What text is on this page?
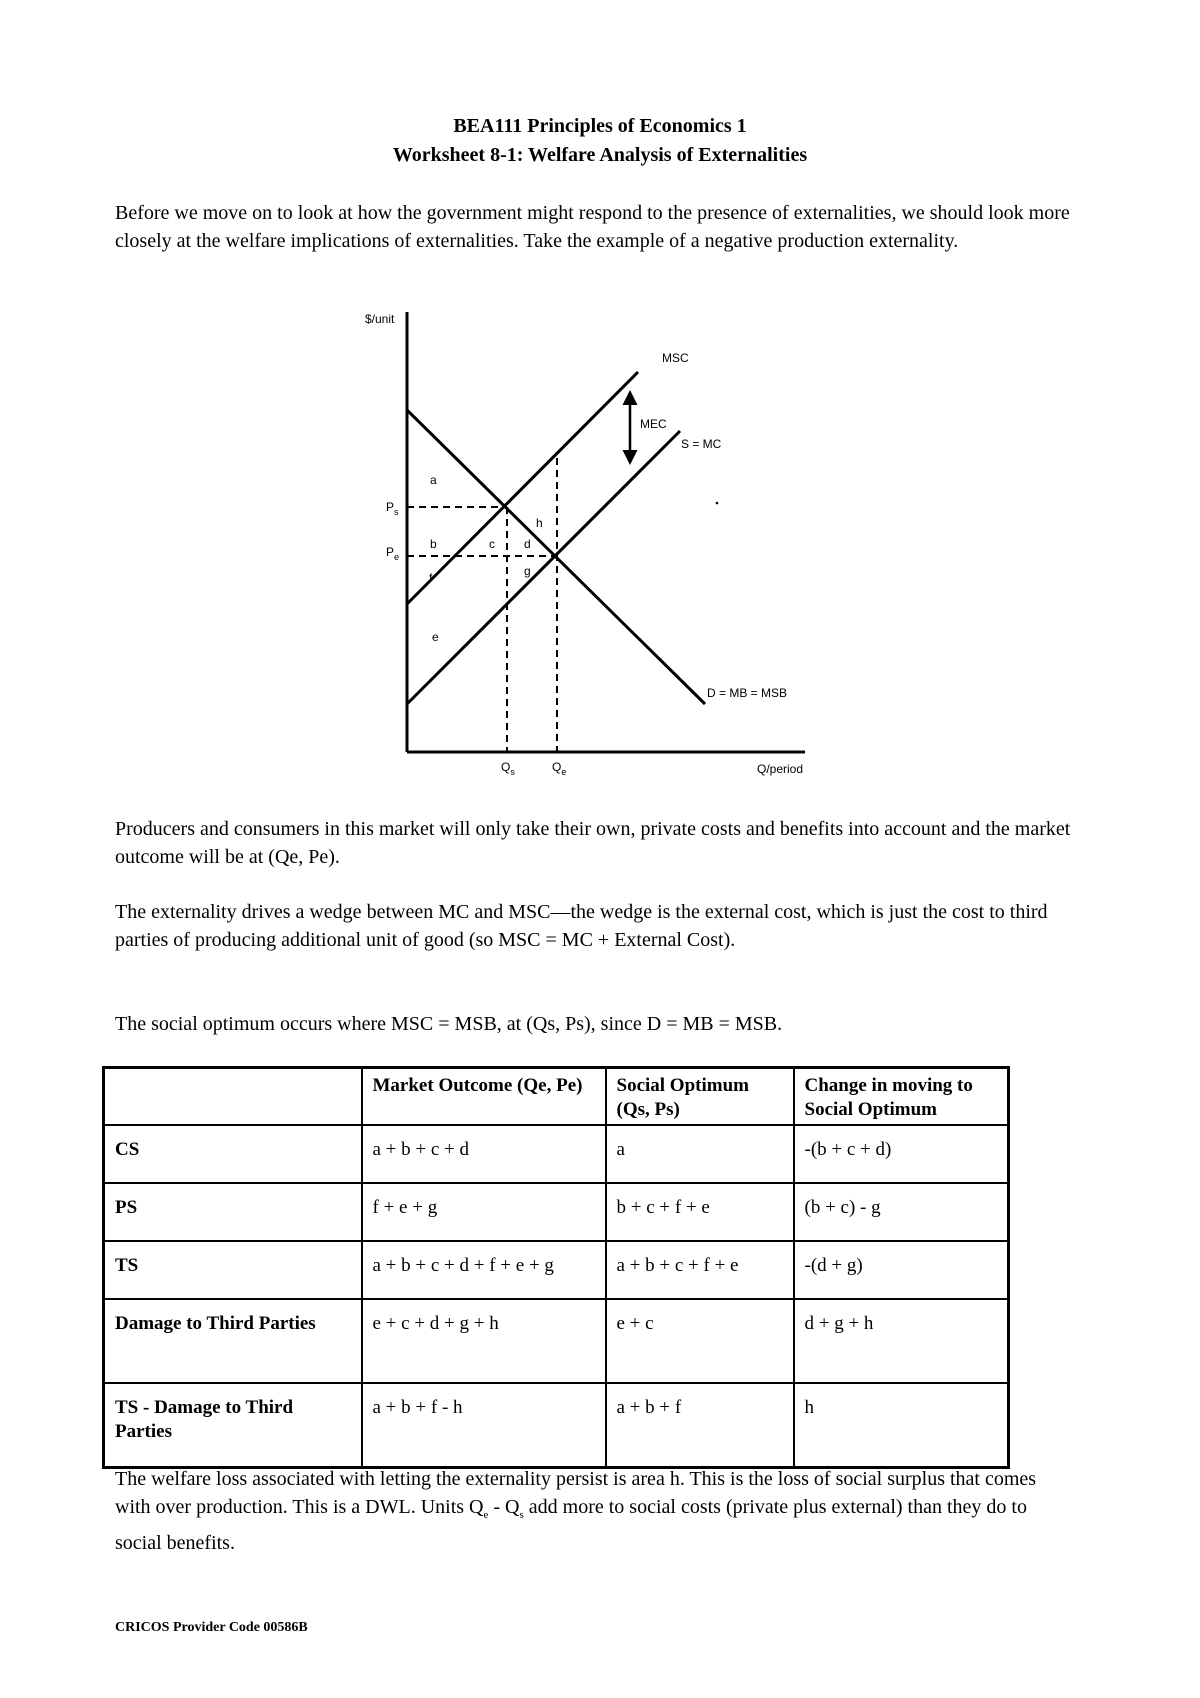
BEA111 Principles of Economics 1
Worksheet 8-1: Welfare Analysis of Externalities

Before we move on to look at how the government might respond to the presence of externalities, we should look more closely at the welfare implications of externalities. Take the example of a negative production externality.

$/unit
Q/period
MSC
MEC
S = MC
D = MB = MSB
$P_s$
$P_e$
$Q_s$	$Q_e$
a
b	c d
e
f	g
h

Producers and consumers in this market will only take their own, private costs and benefits into account and the market outcome will be at (Qe, Pe).

The externality drives a wedge between MC and MSC—the wedge is the external cost, which is just the cost to third parties of producing additional unit of good (so MSC = MC + External Cost).

The social optimum occurs where MSC = MSB, at (Qs, Ps), since D = MB = MSB.

	Market Outcome (Qe, Pe)	Social Optimum (Qs, Ps)	Change in moving to Social Optimum
CS	a + b + c + d	a	-(b + c + d)
PS	f + e + g	b + c + f + e	(b + c) - g
TS	a + b + c + d + f + e + g	a + b + c + f + e	-(d + g)
Damage to Third Parties	e + c + d + g + h	e + c	d + g + h
TS - Damage to Third Parties	a + b + f - h	a + b + f	h

The welfare loss associated with letting the externality persist is area h. This is the loss of social surplus that comes with over production. This is a DWL. Units $Q_e - Q_s$ add more to social costs (private plus external) than they do to social benefits.

CRICOS Provider Code 00586B
